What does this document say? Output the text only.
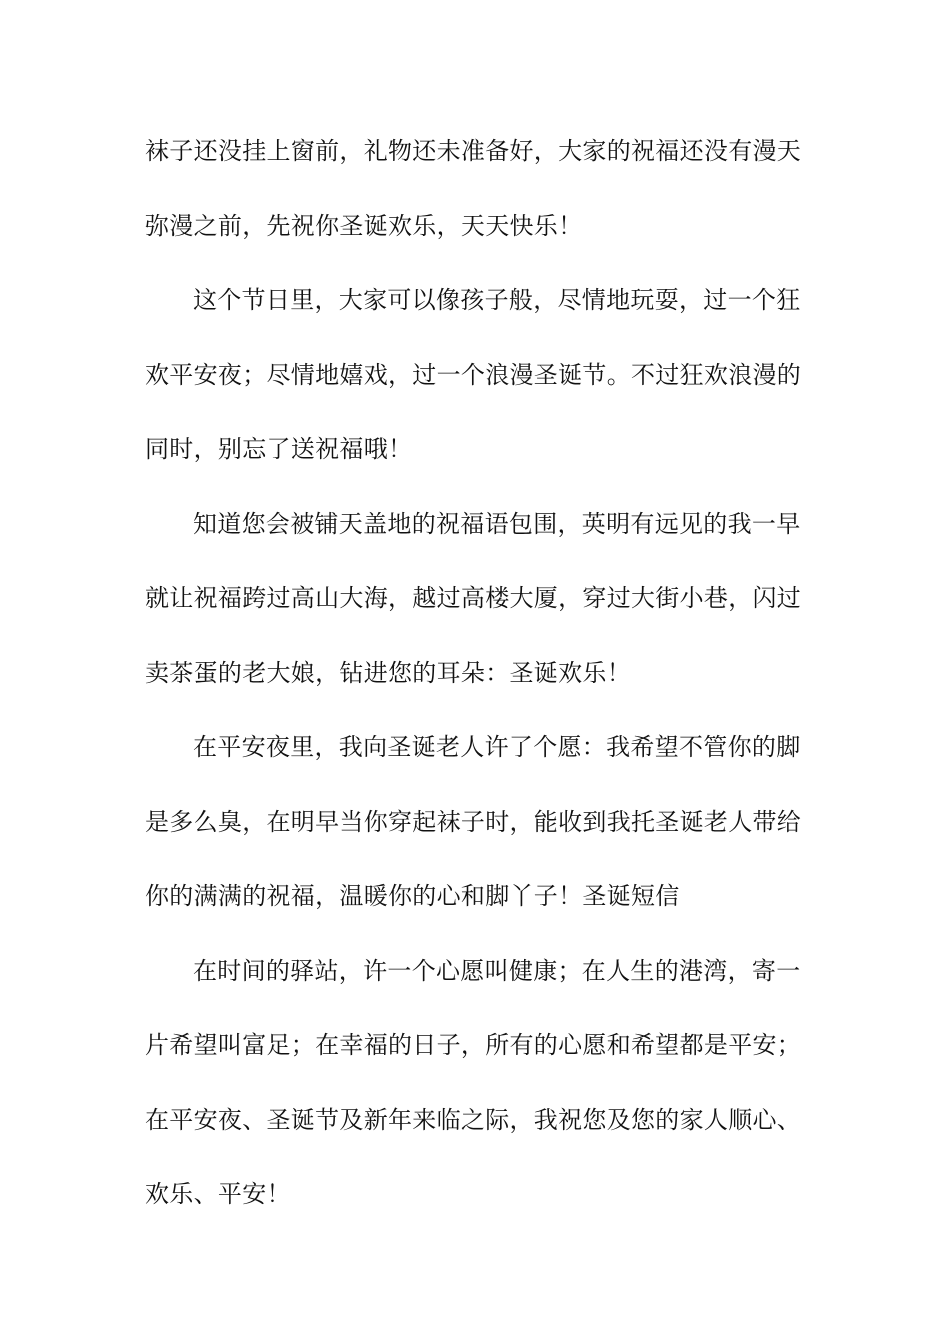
袜子还没挂上窗前，礼物还未准备好，大家的祝福还没有漫天
弥漫之前，先祝你圣诞欢乐，天天快乐！
这个节日里，大家可以像孩子般，尽情地玩耍，过一个狂
欢平安夜；尽情地嬉戏，过一个浪漫圣诞节。不过狂欢浪漫的
同时，别忘了送祝福哦！
知道您会被铺天盖地的祝福语包围，英明有远见的我一早
就让祝福跨过高山大海，越过高楼大厦，穿过大街小巷，闪过
卖茶蛋的老大娘，钻进您的耳朵：圣诞欢乐！
在平安夜里，我向圣诞老人许了个愿：我希望不管你的脚
是多么臭，在明早当你穿起袜子时，能收到我托圣诞老人带给
你的满满的祝福，温暖你的心和脚丫子！圣诞短信
在时间的驿站，许一个心愿叫健康；在人生的港湾，寄一
片希望叫富足；在幸福的日子，所有的心愿和希望都是平安；
在平安夜、圣诞节及新年来临之际，我祝您及您的家人顺心、
欢乐、平安！
